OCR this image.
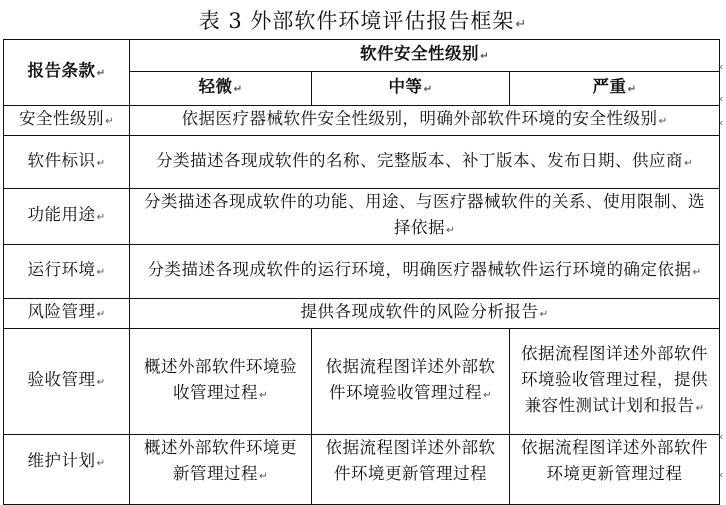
表 3 外部软件环境评估报告框架↵
报告条款↵	软件安全性级别↵		
	轻微↵	中等↵	严重↵
安全性级别↵	依据医疗器械软件安全性级别，明确外部软件环境的安全性级别↵		
软件标识↵	分类描述各现成软件的名称、完整版本、补丁版本、发布日期、供应商↵		
功能用途↵	分类描述各现成软件的功能、用途、与医疗器械软件的关系、使用限制、选择依据↵		
运行环境↵	分类描述各现成软件的运行环境，明确医疗器械软件运行环境的确定依据↵		
风险管理↵	提供各现成软件的风险分析报告↵		
验收管理↵	概述外部软件环境验收管理过程↵	依据流程图详述外部软件环境验收管理过程↵	依据流程图详述外部软件环境验收管理过程，提供兼容性测试计划和报告↵
维护计划↵	概述外部软件环境更新管理过程↵	依据流程图详述外部软件环境更新管理过程	依据流程图详述外部软件环境更新管理过程
‹
‹
‹
‹
‹
